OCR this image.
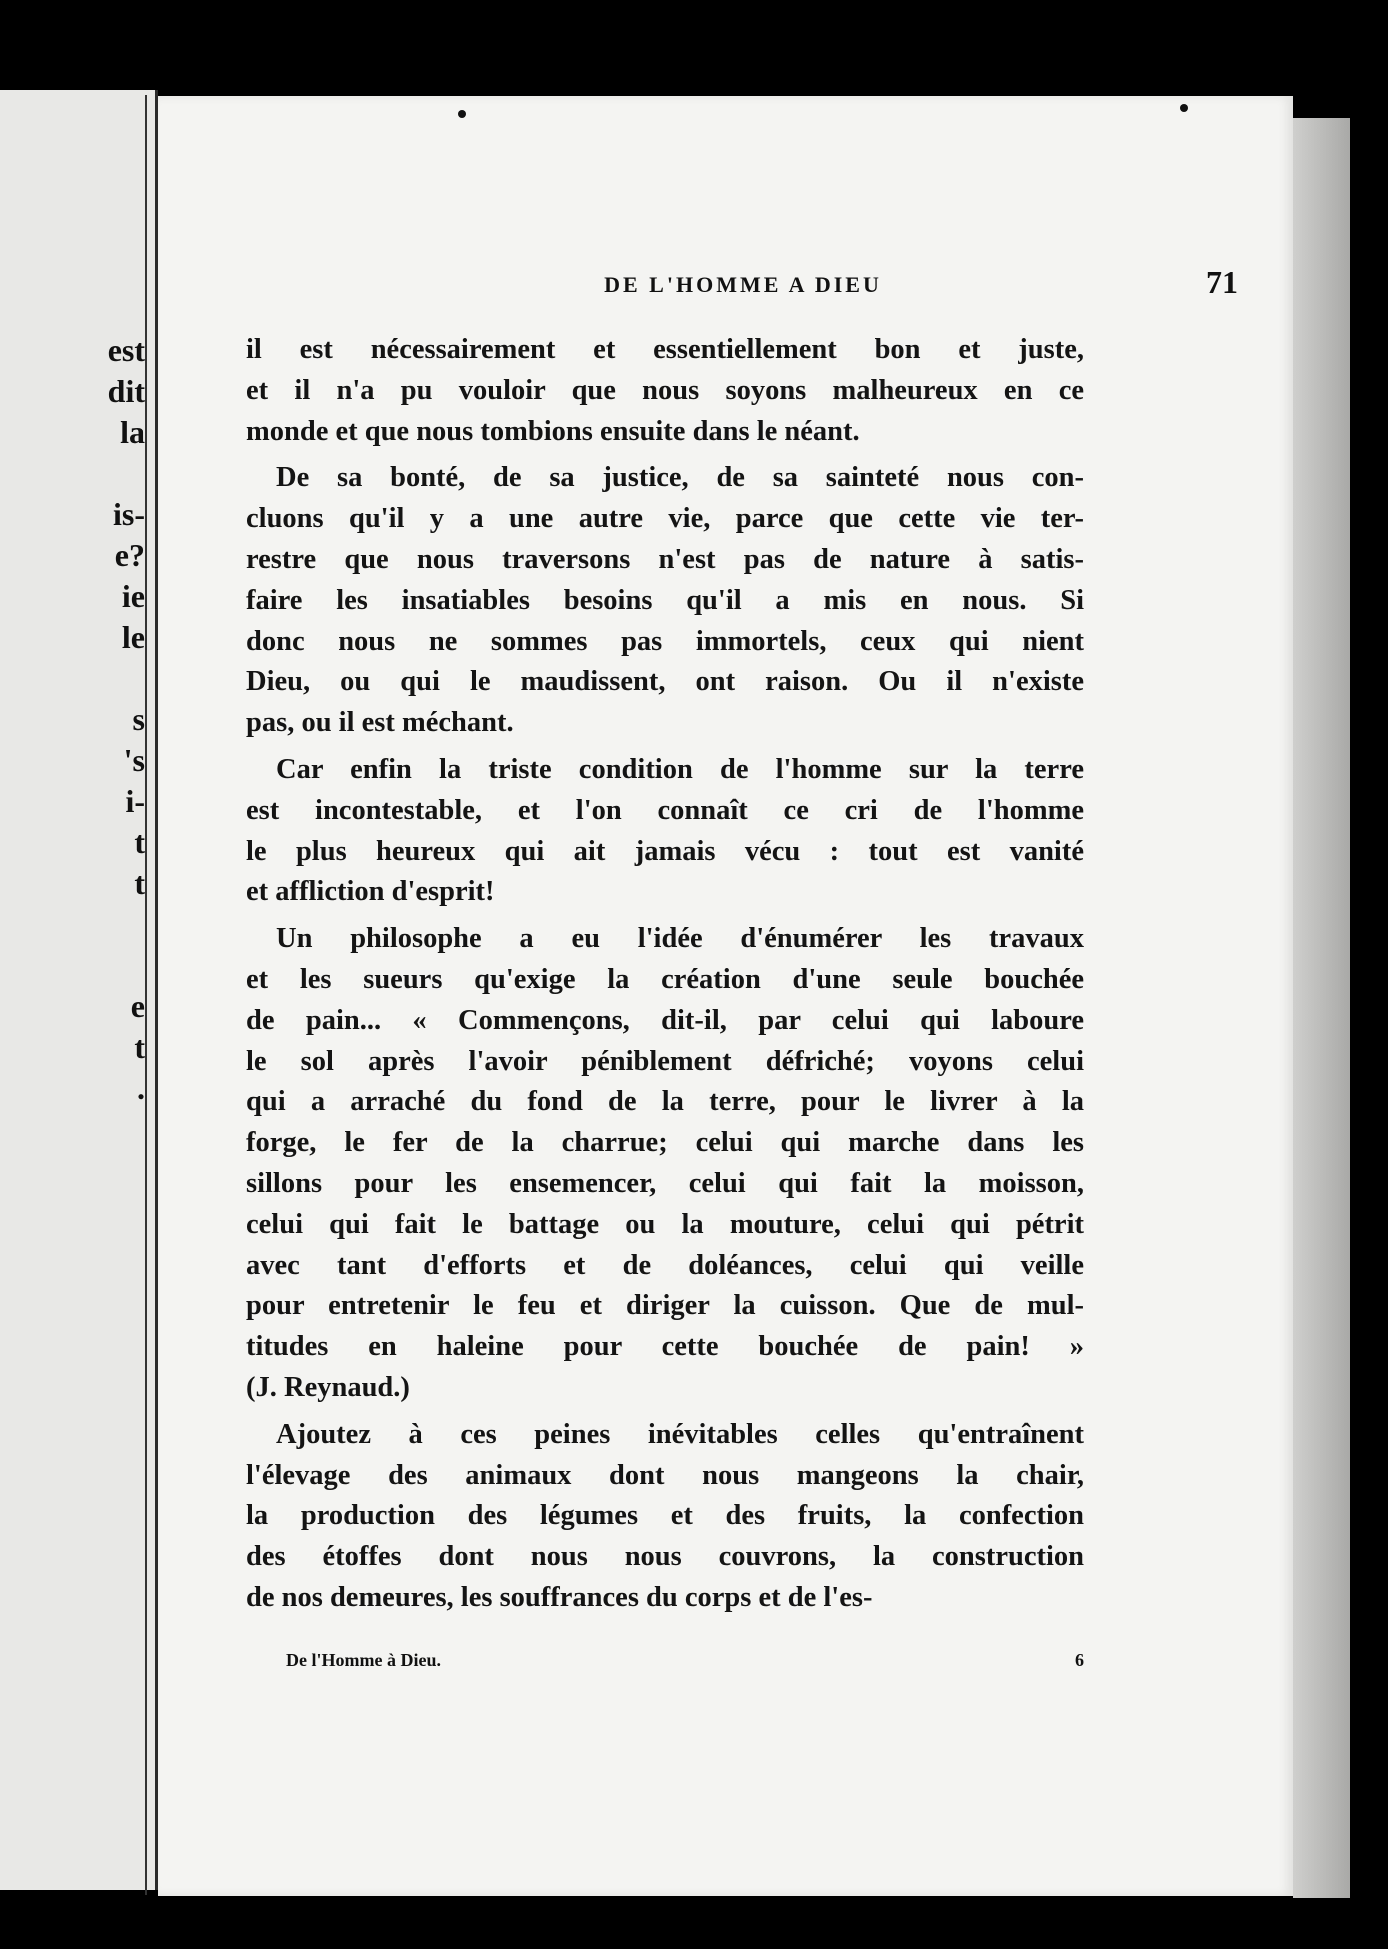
est
dit
la
is-
e?
ie
le
s
's
i-
t
t
e
t
.
DE L'HOMME A DIEU	71

il est nécessairement et essentiellement bon et juste,
et il n'a pu vouloir que nous soyons malheureux en ce
monde et que nous tombions ensuite dans le néant.

De sa bonté, de sa justice, de sa sainteté nous con-
cluons qu'il y a une autre vie, parce que cette vie ter-
restre que nous traversons n'est pas de nature à satis-
faire les insatiables besoins qu'il a mis en nous. Si
donc nous ne sommes pas immortels, ceux qui nient
Dieu, ou qui le maudissent, ont raison. Ou il n'existe
pas, ou il est méchant.

Car enfin la triste condition de l'homme sur la terre
est incontestable, et l'on connaît ce cri de l'homme
le plus heureux qui ait jamais vécu : tout est vanité
et affliction d'esprit!

Un philosophe a eu l'idée d'énumérer les travaux
et les sueurs qu'exige la création d'une seule bouchée
de pain... « Commençons, dit-il, par celui qui laboure
le sol après l'avoir péniblement défriché; voyons celui
qui a arraché du fond de la terre, pour le livrer à la
forge, le fer de la charrue; celui qui marche dans les
sillons pour les ensemencer, celui qui fait la moisson,
celui qui fait le battage ou la mouture, celui qui pétrit
avec tant d'efforts et de doléances, celui qui veille
pour entretenir le feu et diriger la cuisson. Que de mul-
titudes en haleine pour cette bouchée de pain! »
(J. Reynaud.)

Ajoutez à ces peines inévitables celles qu'entraînent
l'élevage des animaux dont nous mangeons la chair,
la production des légumes et des fruits, la confection
des étoffes dont nous nous couvrons, la construction
de nos demeures, les souffrances du corps et de l'es-

De l'Homme à Dieu.	6
